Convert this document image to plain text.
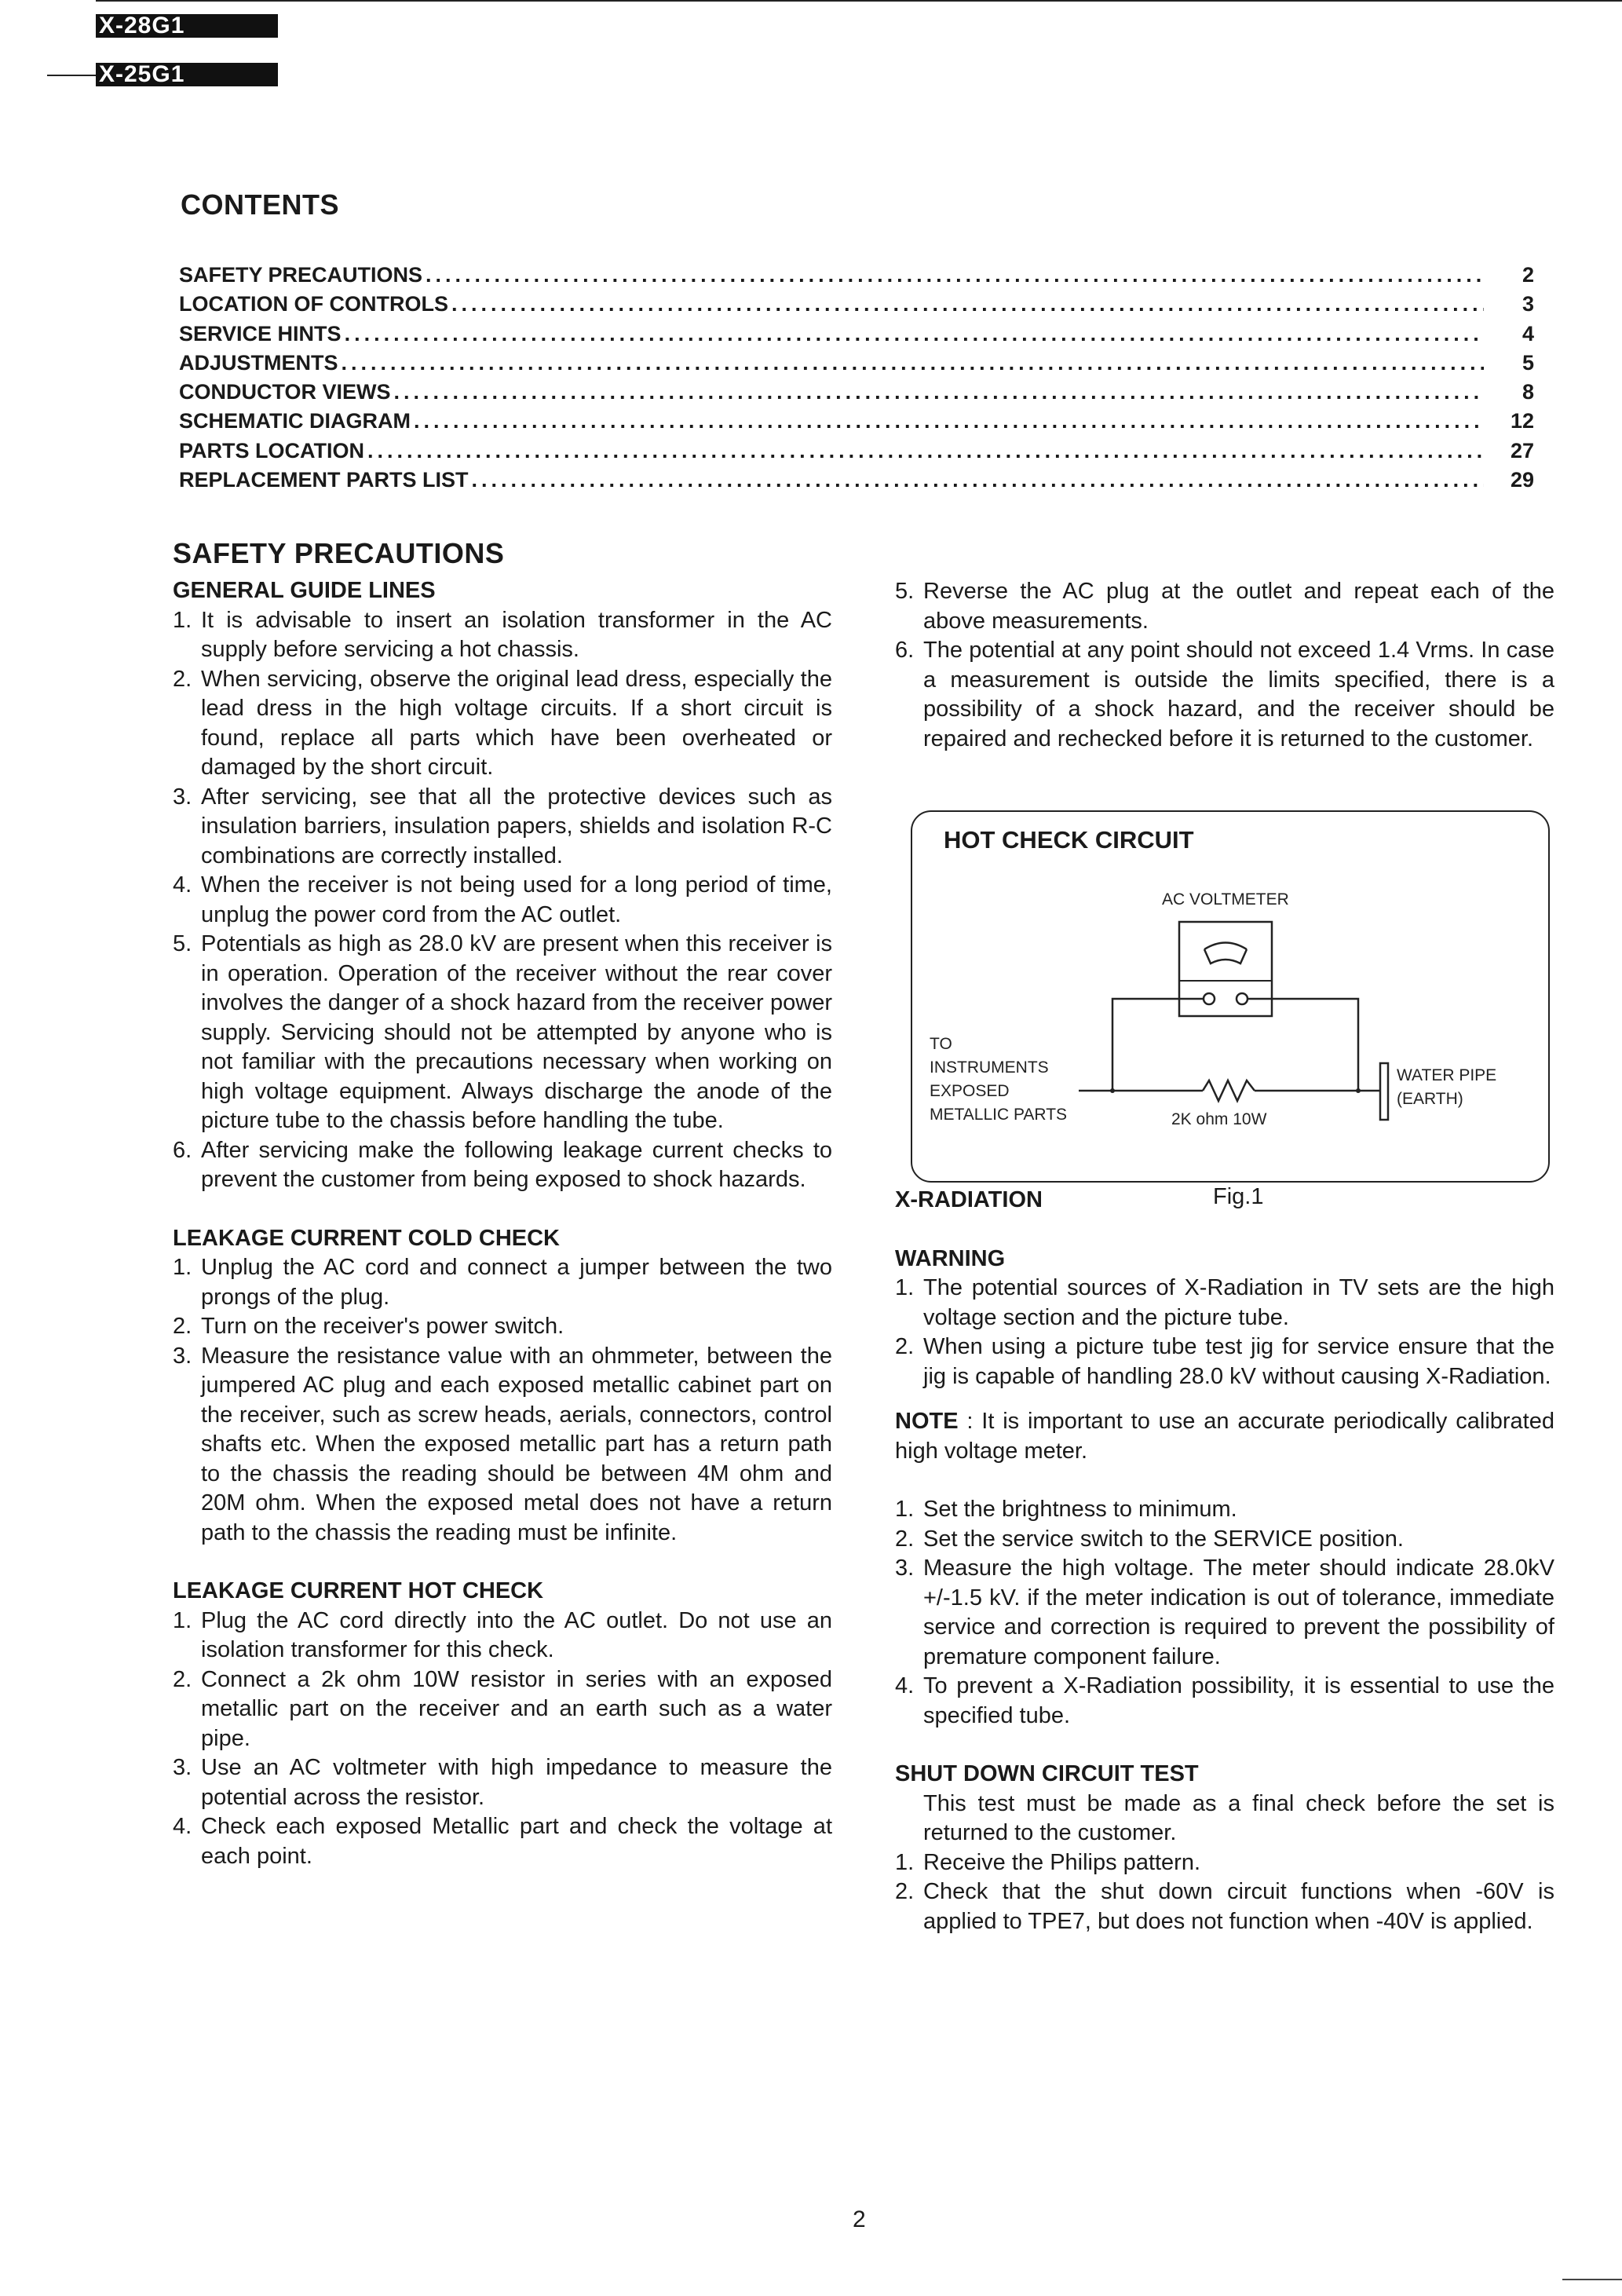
X-28G1
X-25G1
CONTENTS
SAFETY PRECAUTIONS .....	2
LOCATION OF CONTROLS .....	3
SERVICE HINTS .....	4
ADJUSTMENTS .....	5
CONDUCTOR VIEWS .....	8
SCHEMATIC DIAGRAM .....	12
PARTS LOCATION .....	27
REPLACEMENT PARTS LIST .....	29
SAFETY PRECAUTIONS
GENERAL GUIDE LINES
1. It is advisable to insert an isolation transformer in the AC supply before servicing a hot chassis.
2. When servicing, observe the original lead dress, especially the lead dress in the high voltage circuits. If a short circuit is found, replace all parts which have been overheated or damaged by the short circuit.
3. After servicing, see that all the protective devices such as insulation barriers, insulation papers, shields and isolation R-C combinations are correctly installed.
4. When the receiver is not being used for a long period of time, unplug the power cord from the AC outlet.
5. Potentials as high as 28.0 kV are present when this receiver is in operation. Operation of the receiver without the rear cover involves the danger of a shock hazard from the receiver power supply. Servicing should not be attempted by anyone who is not familiar with the precautions necessary when working on high voltage equipment. Always discharge the anode of the picture tube to the chassis before handling the tube.
6. After servicing make the following leakage current checks to prevent the customer from being exposed to shock hazards.
LEAKAGE CURRENT COLD CHECK
1. Unplug the AC cord and connect a jumper between the two prongs of the plug.
2. Turn on the receiver's power switch.
3. Measure the resistance value with an ohmmeter, between the jumpered AC plug and each exposed metallic cabinet part on the receiver, such as screw heads, aerials, connectors, control shafts etc. When the exposed metallic part has a return path to the chassis the reading should be between 4M ohm and 20M ohm. When the exposed metal does not have a return path to the chassis the reading must be infinite.
LEAKAGE CURRENT HOT CHECK
1. Plug the AC cord directly into the AC outlet. Do not use an isolation transformer for this check.
2. Connect a 2k ohm 10W resistor in series with an exposed metallic part on the receiver and an earth such as a water pipe.
3. Use an AC voltmeter with high impedance to measure the potential across the resistor.
4. Check each exposed Metallic part and check the voltage at each point.
5. Reverse the AC plug at the outlet and repeat each of the above measurements.
6. The potential at any point should not exceed 1.4 Vrms. In case a measurement is outside the limits specified, there is a possibility of a shock hazard, and the receiver should be repaired and rechecked before it is returned to the customer.
HOT CHECK CIRCUIT
AC VOLTMETER
TO
INSTRUMENTS
EXPOSED
METALLIC PARTS	2K ohm 10W
WATER PIPE
(EARTH)
Fig.1
X-RADIATION
WARNING
1. The potential sources of X-Radiation in TV sets are the high voltage section and the picture tube.
2. When using a picture tube test jig for service ensure that the jig is capable of handling 28.0 kV without causing X-Radiation.
NOTE : It is important to use an accurate periodically calibrated high voltage meter.
1. Set the brightness to minimum.
2. Set the service switch to the SERVICE position.
3. Measure the high voltage. The meter should indicate 28.0kV +/-1.5 kV. if the meter indication is out of tolerance, immediate service and correction is required to prevent the possibility of premature component failure.
4. To prevent a X-Radiation possibility, it is essential to use the specified tube.
SHUT DOWN CIRCUIT TEST
This test must be made as a final check before the set is returned to the customer.
1. Receive the Philips pattern.
2. Check that the shut down circuit functions when -60V is applied to TPE7, but does not function when -40V is applied.
2
